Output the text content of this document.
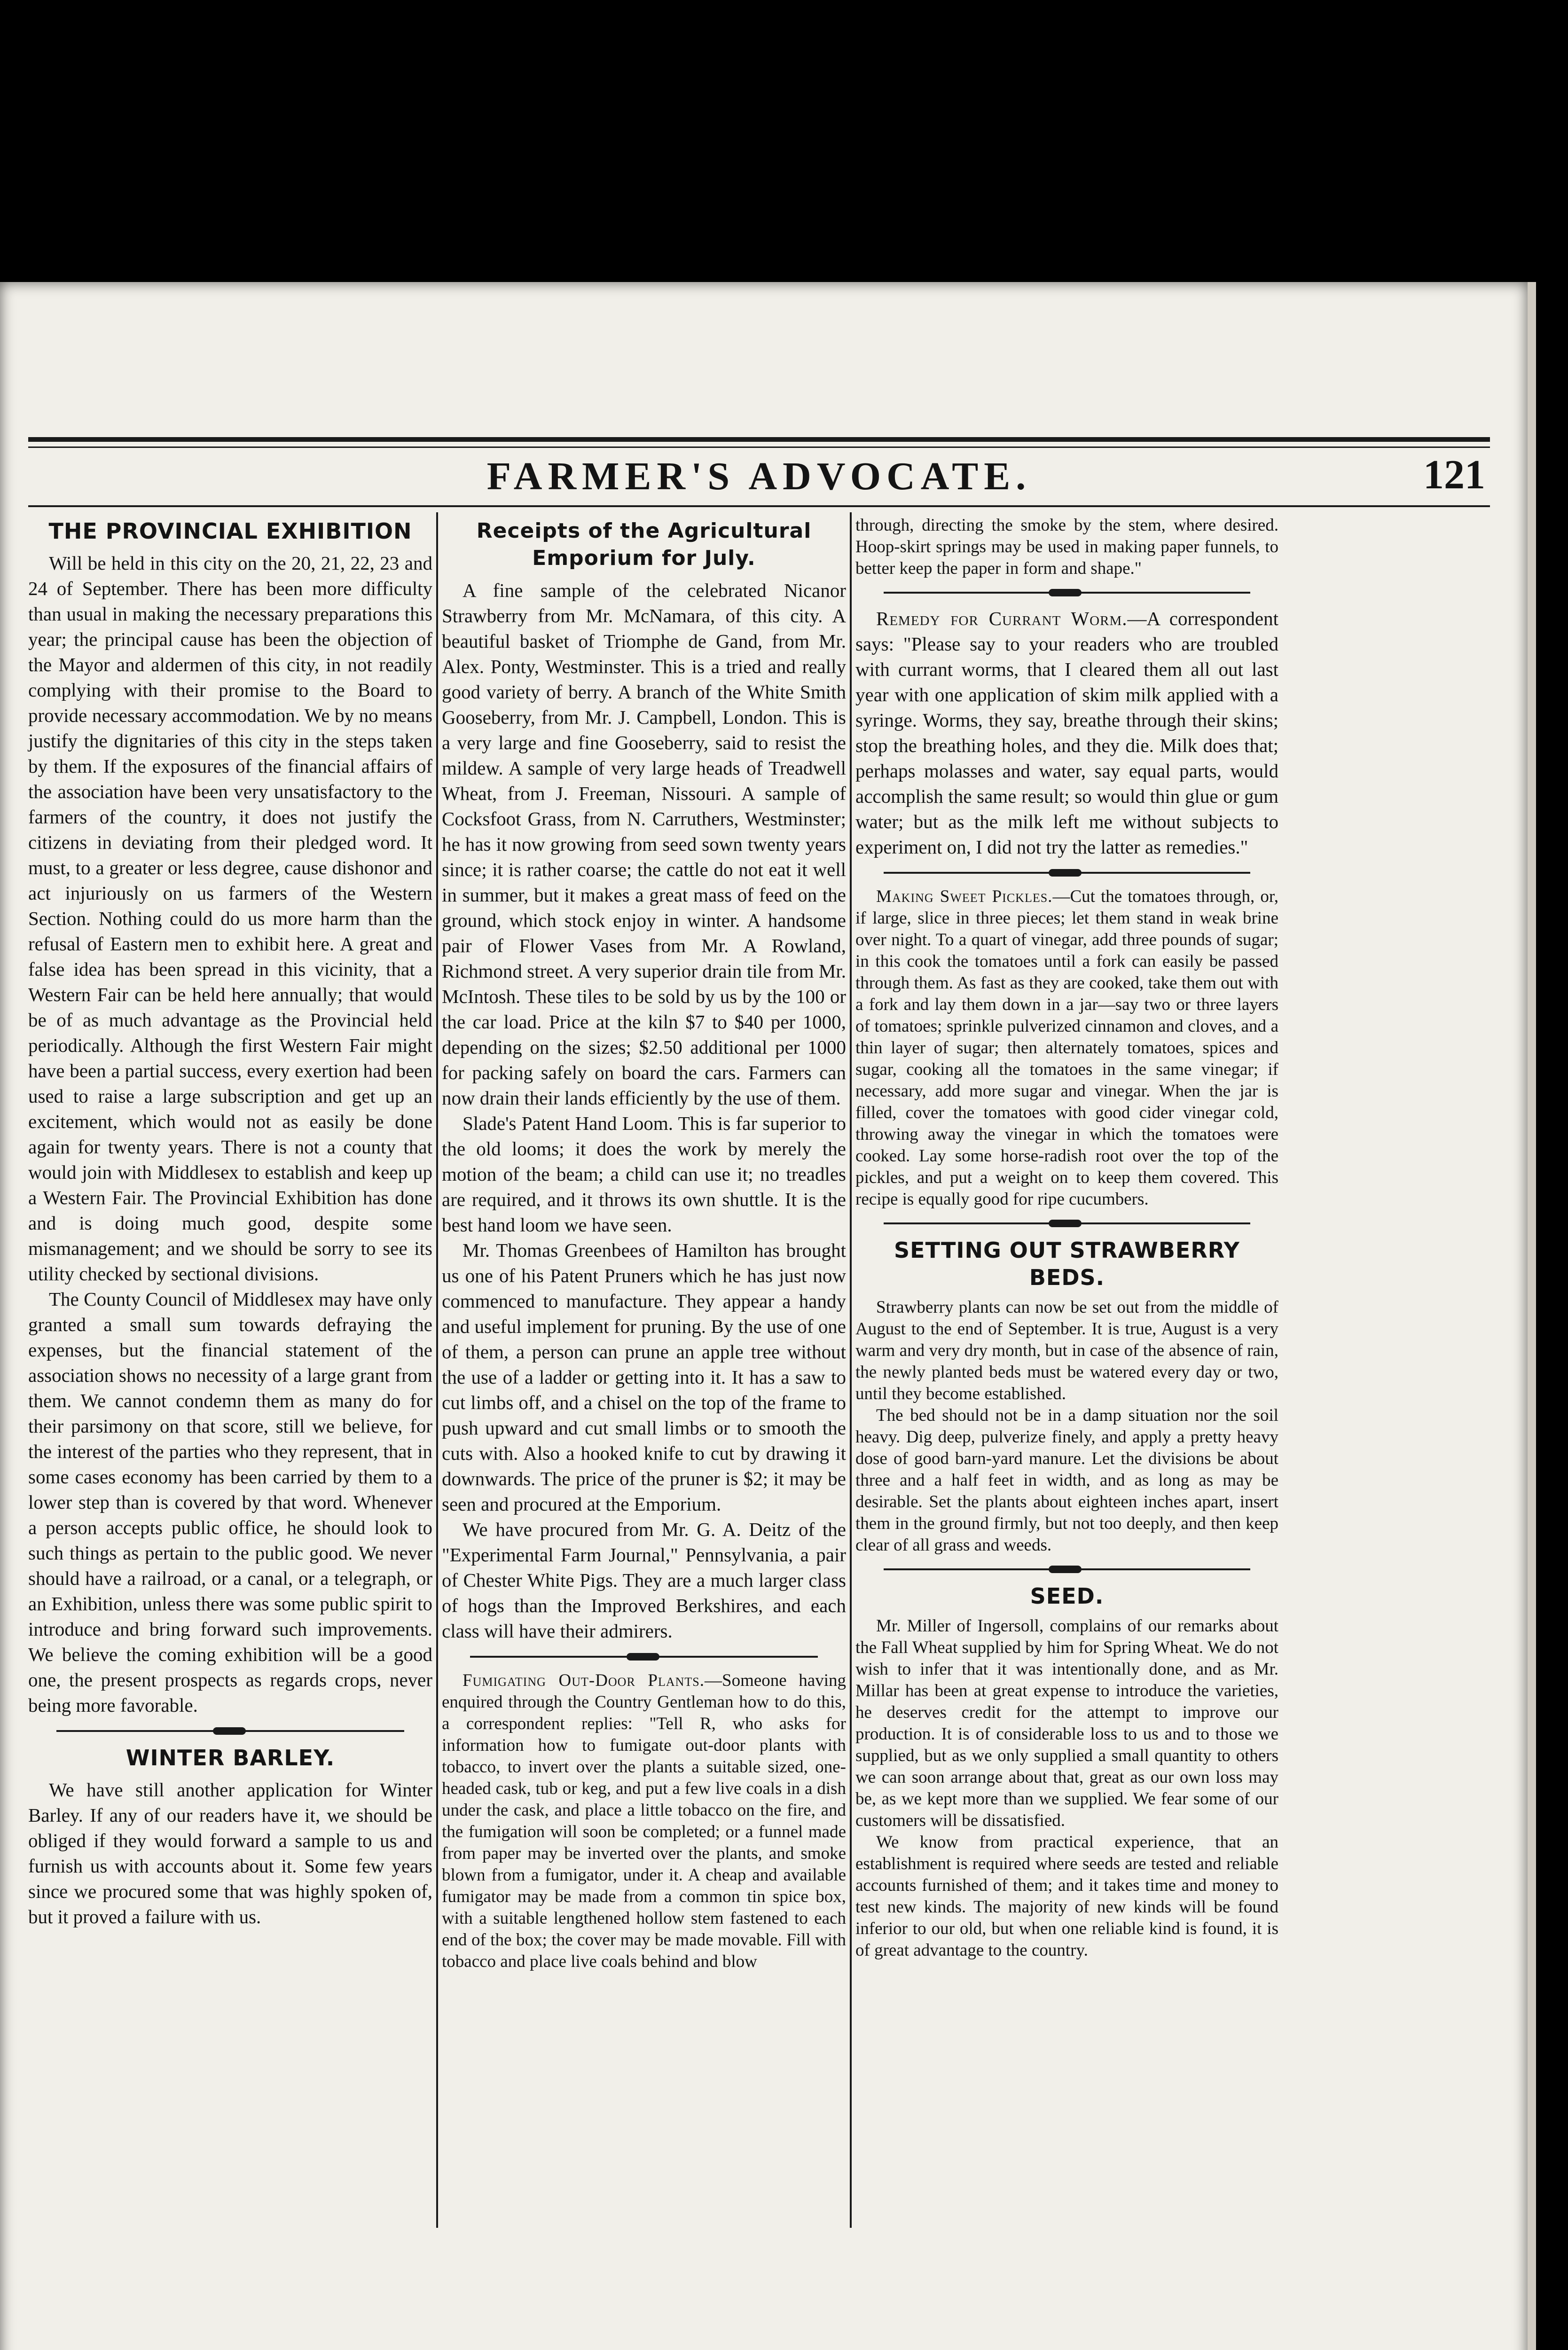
FARMER'S ADVOCATE.	121
THE PROVINCIAL EXHIBITION

Will be held in this city on the 20, 21, 22, 23 and 24 of September. There has been more difficulty than usual in making the necessary preparations this year; the principal cause has been the objection of the Mayor and aldermen of this city, in not readily complying with their promise to the Board to provide necessary accommodation. We by no means justify the dignitaries of this city in the steps taken by them. If the exposures of the financial affairs of the association have been very unsatisfactory to the farmers of the country, it does not justify the citizens in deviating from their pledged word. It must, to a greater or less degree, cause dishonor and act injuriously on us farmers of the Western Section. Nothing could do us more harm than the refusal of Eastern men to exhibit here. A great and false idea has been spread in this vicinity, that a Western Fair can be held here annually; that would be of as much advantage as the Provincial held periodically. Although the first Western Fair might have been a partial success, every exertion had been used to raise a large subscription and get up an excitement, which would not as easily be done again for twenty years. There is not a county that would join with Middlesex to establish and keep up a Western Fair. The Provincial Exhibition has done and is doing much good, despite some mismanagement; and we should be sorry to see its utility checked by sectional divisions.

The County Council of Middlesex may have only granted a small sum towards defraying the expenses, but the financial statement of the association shows no necessity of a large grant from them. We cannot condemn them as many do for their parsimony on that score, still we believe, for the interest of the parties who they represent, that in some cases economy has been carried by them to a lower step than is covered by that word. Whenever a person accepts public office, he should look to such things as pertain to the public good. We never should have a railroad, or a canal, or a telegraph, or an Exhibition, unless there was some public spirit to introduce and bring forward such improvements. We believe the coming exhibition will be a good one, the present prospects as regards crops, never being more favorable.

WINTER BARLEY.

We have still another application for Winter Barley. If any of our readers have it, we should be obliged if they would forward a sample to us and furnish us with accounts about it. Some few years since we procured some that was highly spoken of, but it proved a failure with us.

Receipts of the Agricultural Emporium for July.

A fine sample of the celebrated Nicanor Strawberry from Mr. McNamara, of this city. A beautiful basket of Triomphe de Gand, from Mr. Alex. Ponty, Westminster. This is a tried and really good variety of berry. A branch of the White Smith Gooseberry, from Mr. J. Campbell, London. This is a very large and fine Gooseberry, said to resist the mildew. A sample of very large heads of Treadwell Wheat, from J. Freeman, Nissouri. A sample of Cocksfoot Grass, from N. Carruthers, Westminster; he has it now growing from seed sown twenty years since; it is rather coarse; the cattle do not eat it well in summer, but it makes a great mass of feed on the ground, which stock enjoy in winter. A handsome pair of Flower Vases from Mr. A Rowland, Richmond street. A very superior drain tile from Mr. McIntosh. These tiles to be sold by us by the 100 or the car load. Price at the kiln $7 to $40 per 1000, depending on the sizes; $2.50 additional per 1000 for packing safely on board the cars. Farmers can now drain their lands efficiently by the use of them.

Slade's Patent Hand Loom. This is far superior to the old looms; it does the work by merely the motion of the beam; a child can use it; no treadles are required, and it throws its own shuttle. It is the best hand loom we have seen.

Mr. Thomas Greenbees of Hamilton has brought us one of his Patent Pruners which he has just now commenced to manufacture. They appear a handy and useful implement for pruning. By the use of one of them, a person can prune an apple tree without the use of a ladder or getting into it. It has a saw to cut limbs off, and a chisel on the top of the frame to push upward and cut small limbs or to smooth the cuts with. Also a hooked knife to cut by drawing it downwards. The price of the pruner is $2; it may be seen and procured at the Emporium.

We have procured from Mr. G. A. Deitz of the "Experimental Farm Journal," Pennsylvania, a pair of Chester White Pigs. They are a much larger class of hogs than the Improved Berkshires, and each class will have their admirers.

Fumigating Out-Door Plants.—Someone having enquired through the Country Gentleman how to do this, a correspondent replies: "Tell R, who asks for information how to fumigate out-door plants with tobacco, to invert over the plants a suitable sized, one-headed cask, tub or keg, and put a few live coals in a dish under the cask, and place a little tobacco on the fire, and the fumigation will soon be completed; or a funnel made from paper may be inverted over the plants, and smoke blown from a fumigator, under it. A cheap and available fumigator may be made from a common tin spice box, with a suitable lengthened hollow stem fastened to each end of the box; the cover may be made movable. Fill with tobacco and place live coals behind and blow

through, directing the smoke by the stem, where desired. Hoop-skirt springs may be used in making paper funnels, to better keep the paper in form and shape."

Remedy for Currant Worm.—A correspondent says: "Please say to your readers who are troubled with currant worms, that I cleared them all out last year with one application of skim milk applied with a syringe. Worms, they say, breathe through their skins; stop the breathing holes, and they die. Milk does that; perhaps molasses and water, say equal parts, would accomplish the same result; so would thin glue or gum water; but as the milk left me without subjects to experiment on, I did not try the latter as remedies."

Making Sweet Pickles.—Cut the tomatoes through, or, if large, slice in three pieces; let them stand in weak brine over night. To a quart of vinegar, add three pounds of sugar; in this cook the tomatoes until a fork can easily be passed through them. As fast as they are cooked, take them out with a fork and lay them down in a jar—say two or three layers of tomatoes; sprinkle pulverized cinnamon and cloves, and a thin layer of sugar; then alternately tomatoes, spices and sugar, cooking all the tomatoes in the same vinegar; if necessary, add more sugar and vinegar. When the jar is filled, cover the tomatoes with good cider vinegar cold, throwing away the vinegar in which the tomatoes were cooked. Lay some horse-radish root over the top of the pickles, and put a weight on to keep them covered. This recipe is equally good for ripe cucumbers.

SETTING OUT STRAWBERRY BEDS.

Strawberry plants can now be set out from the middle of August to the end of September. It is true, August is a very warm and very dry month, but in case of the absence of rain, the newly planted beds must be watered every day or two, until they become established.

The bed should not be in a damp situation nor the soil heavy. Dig deep, pulverize finely, and apply a pretty heavy dose of good barn-yard manure. Let the divisions be about three and a half feet in width, and as long as may be desirable. Set the plants about eighteen inches apart, insert them in the ground firmly, but not too deeply, and then keep clear of all grass and weeds.

SEED.

Mr. Miller of Ingersoll, complains of our remarks about the Fall Wheat supplied by him for Spring Wheat. We do not wish to infer that it was intentionally done, and as Mr. Millar has been at great expense to introduce the varieties, he deserves credit for the attempt to improve our production. It is of considerable loss to us and to those we supplied, but as we only supplied a small quantity to others we can soon arrange about that, great as our own loss may be, as we kept more than we supplied. We fear some of our customers will be dissatisfied.

We know from practical experience, that an establishment is required where seeds are tested and reliable accounts furnished of them; and it takes time and money to test new kinds. The majority of new kinds will be found inferior to our old, but when one reliable kind is found, it is of great advantage to the country.
